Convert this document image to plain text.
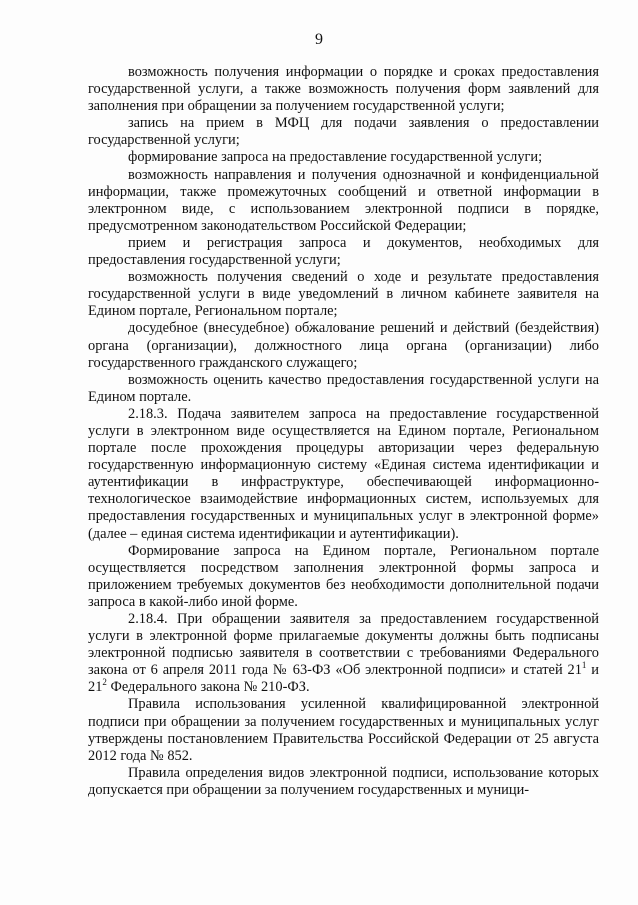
9

возможность получения информации о порядке и сроках предоставления государственной услуги, а также возможность получения форм заявлений для заполнения при обращении за получением государственной услуги;

запись на прием в МФЦ для подачи заявления о предоставлении государственной услуги;

формирование запроса на предоставление государственной услуги;

возможность направления и получения однозначной и конфиденциальной информации, также промежуточных сообщений и ответной информации в электронном виде, с использованием электронной подписи в порядке, предусмотренном законодательством Российской Федерации;

прием и регистрация запроса и документов, необходимых для предоставления государственной услуги;

возможность получения сведений о ходе и результате предоставления государственной услуги в виде уведомлений в личном кабинете заявителя на Едином портале, Региональном портале;

досудебное (внесудебное) обжалование решений и действий (бездействия) органа (организации), должностного лица органа (организации) либо государственного гражданского служащего;

возможность оценить качество предоставления государственной услуги на Едином портале.

2.18.3. Подача заявителем запроса на предоставление государственной услуги в электронном виде осуществляется на Едином портале, Региональном портале после прохождения процедуры авторизации через федеральную государственную информационную систему «Единая система идентификации и аутентификации в инфраструктуре, обеспечивающей информационно-технологическое взаимодействие информационных систем, используемых для предоставления государственных и муниципальных услуг в электронной форме» (далее – единая система идентификации и аутентификации).

Формирование запроса на Едином портале, Региональном портале осуществляется посредством заполнения электронной формы запроса и приложением требуемых документов без необходимости дополнительной подачи запроса в какой-либо иной форме.

2.18.4. При обращении заявителя за предоставлением государственной услуги в электронной форме прилагаемые документы должны быть подписаны электронной подписью заявителя в соответствии с требованиями Федерального закона от 6 апреля 2011 года № 63-ФЗ «Об электронной подписи» и статей $21^1$ и $21^2$ Федерального закона № 210-ФЗ.

Правила использования усиленной квалифицированной электронной подписи при обращении за получением государственных и муниципальных услуг утверждены постановлением Правительства Российской Федерации от 25 августа 2012 года № 852.

Правила определения видов электронной подписи, использование которых допускается при обращении за получением государственных и муници-
